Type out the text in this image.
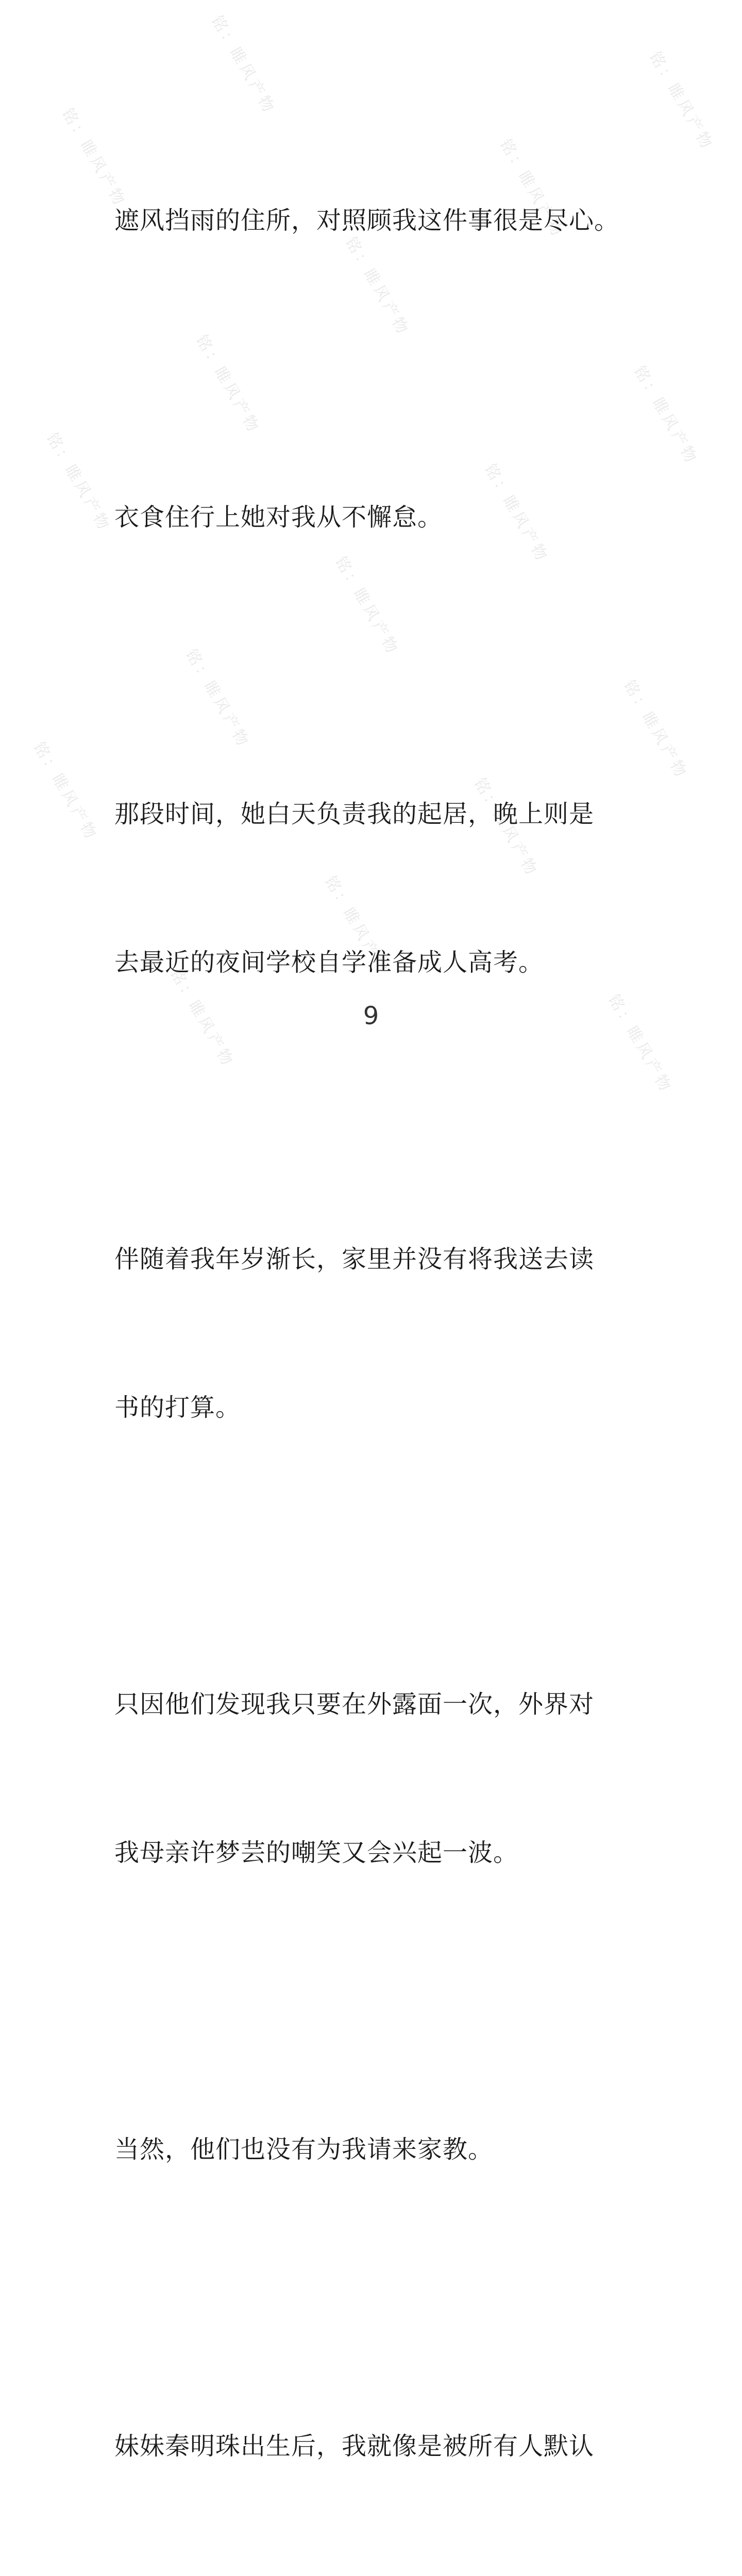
铭：睢风产物	铭：睢风产物
铭：睢风产物	铭：睢风产物
铭：睢风产物
铭：睢风产物	铭：睢风产物
铭：睢风产物	铭：睢风产物
铭：睢风产物
铭：睢风产物	铭：睢风产物
铭：睢风产物	铭：睢风产物
铭：睢风产物
铭：睢风产物	铭：睢风产物

遮风挡雨的住所，对照顾我这件事很是尽心。

衣食住行上她对我从不懈怠。

那段时间，她白天负责我的起居，晚上则是

去最近的夜间学校自学准备成人高考。

伴随着我年岁渐长，家里并没有将我送去读

书的打算。

只因他们发现我只要在外露面一次，外界对

我母亲许梦芸的嘲笑又会兴起一波。

当然，他们也没有为我请来家教。

妹妹秦明珠出生后，我就像是被所有人默认

9
